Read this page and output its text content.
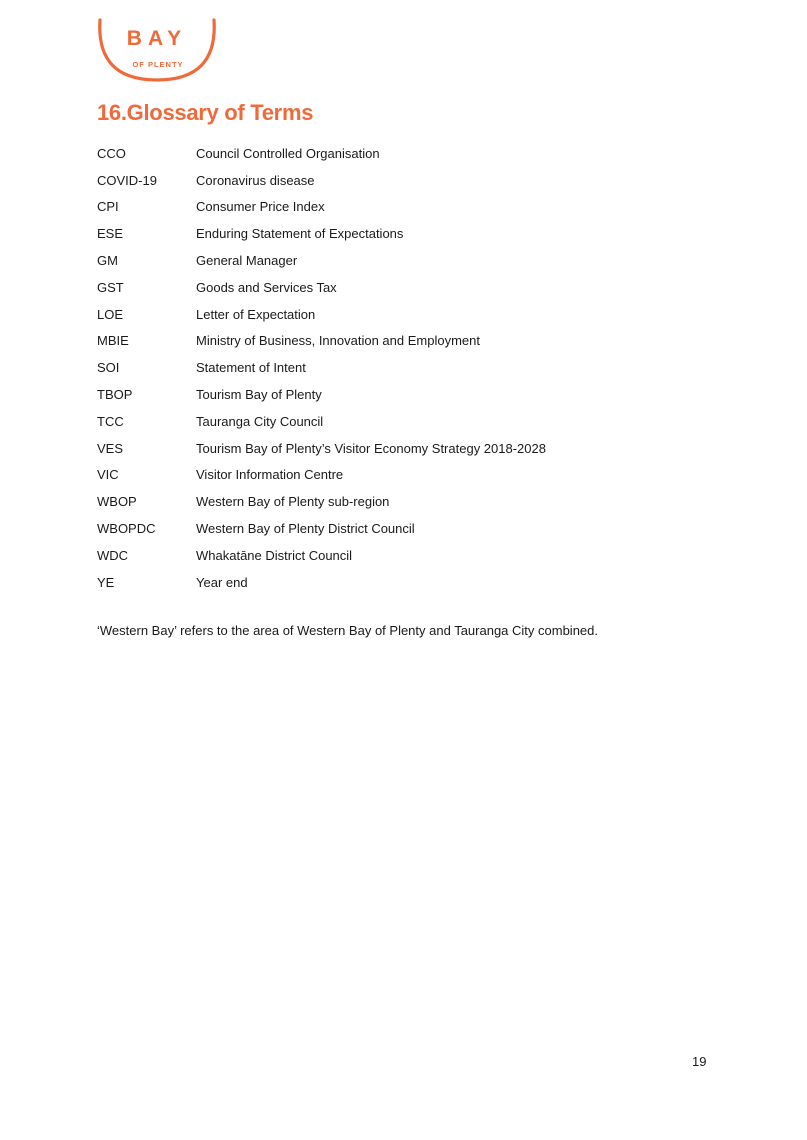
BAY
OF PLENTY
16.Glossary of Terms
CCO	Council Controlled Organisation
COVID-19	Coronavirus disease
CPI	Consumer Price Index
ESE	Enduring Statement of Expectations
GM	General Manager
GST	Goods and Services Tax
LOE	Letter of Expectation
MBIE	Ministry of Business, Innovation and Employment
SOI	Statement of Intent
TBOP	Tourism Bay of Plenty
TCC	Tauranga City Council
VES	Tourism Bay of Plenty’s Visitor Economy Strategy 2018-2028
VIC	Visitor Information Centre
WBOP	Western Bay of Plenty sub-region
WBOPDC	Western Bay of Plenty District Council
WDC	Whakatāne District Council
YE	Year end

‘Western Bay’ refers to the area of Western Bay of Plenty and Tauranga City combined.

19
